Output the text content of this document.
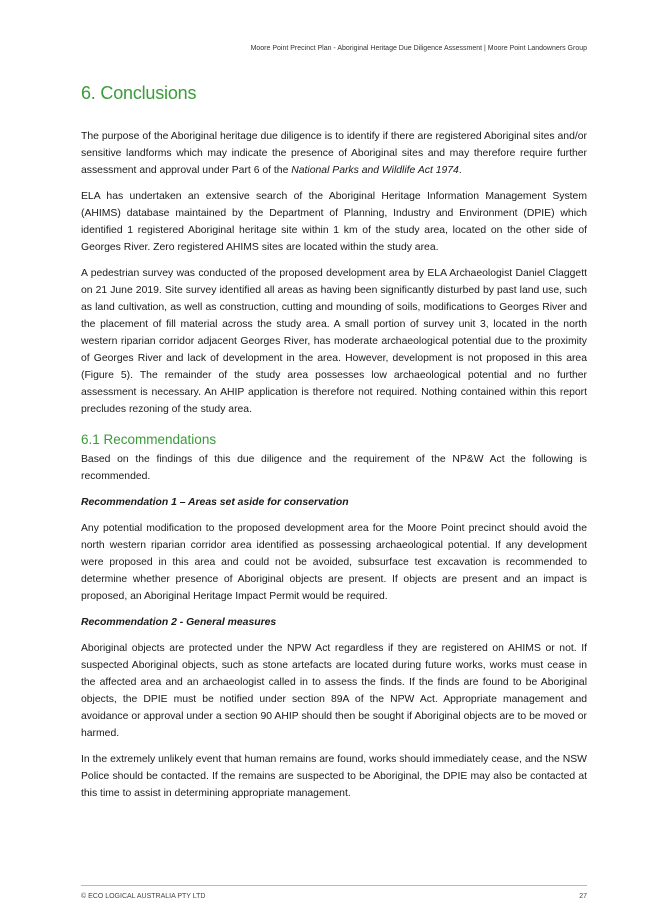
Moore Point Precinct Plan - Aboriginal Heritage Due Diligence Assessment | Moore Point Landowners Group
6. Conclusions

The purpose of the Aboriginal heritage due diligence is to identify if there are registered Aboriginal sites and/or sensitive landforms which may indicate the presence of Aboriginal sites and may therefore require further assessment and approval under Part 6 of the National Parks and Wildlife Act 1974.

ELA has undertaken an extensive search of the Aboriginal Heritage Information Management System (AHIMS) database maintained by the Department of Planning, Industry and Environment (DPIE) which identified 1 registered Aboriginal heritage site within 1 km of the study area, located on the other side of Georges River. Zero registered AHIMS sites are located within the study area.

A pedestrian survey was conducted of the proposed development area by ELA Archaeologist Daniel Claggett on 21 June 2019. Site survey identified all areas as having been significantly disturbed by past land use, such as land cultivation, as well as construction, cutting and mounding of soils, modifications to Georges River and the placement of fill material across the study area. A small portion of survey unit 3, located in the north western riparian corridor adjacent Georges River, has moderate archaeological potential due to the proximity of Georges River and lack of development in the area. However, development is not proposed in this area (Figure 5). The remainder of the study area possesses low archaeological potential and no further assessment is necessary. An AHIP application is therefore not required. Nothing contained within this report precludes rezoning of the study area.

6.1 Recommendations

Based on the findings of this due diligence and the requirement of the NP&W Act the following is recommended.

Recommendation 1 – Areas set aside for conservation

Any potential modification to the proposed development area for the Moore Point precinct should avoid the north western riparian corridor area identified as possessing archaeological potential. If any development were proposed in this area and could not be avoided, subsurface test excavation is recommended to determine whether presence of Aboriginal objects are present. If objects are present and an impact is proposed, an Aboriginal Heritage Impact Permit would be required.

Recommendation 2 - General measures

Aboriginal objects are protected under the NPW Act regardless if they are registered on AHIMS or not. If suspected Aboriginal objects, such as stone artefacts are located during future works, works must cease in the affected area and an archaeologist called in to assess the finds. If the finds are found to be Aboriginal objects, the DPIE must be notified under section 89A of the NPW Act. Appropriate management and avoidance or approval under a section 90 AHIP should then be sought if Aboriginal objects are to be moved or harmed.

In the extremely unlikely event that human remains are found, works should immediately cease, and the NSW Police should be contacted. If the remains are suspected to be Aboriginal, the DPIE may also be contacted at this time to assist in determining appropriate management.

© ECO LOGICAL AUSTRALIA PTY LTD	27
